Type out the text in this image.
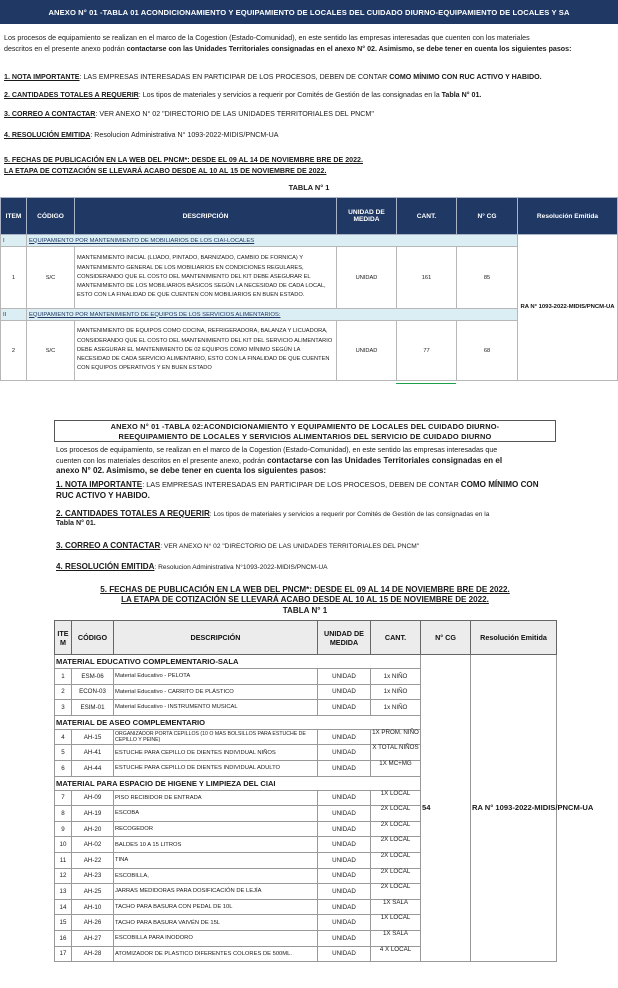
ANEXO N° 01 -TABLA 01 ACONDICIONAMIENTO Y EQUIPAMIENTO DE LOCALES DEL CUIDADO DIURNO-EQUIPAMIENTO DE LOCALES Y SA
Los procesos de equipamiento se realizan en el marco de la Cogestion (Estado-Comunidad), en este sentido las empresas interesadas que cuenten con los materiales
descritos en el presente anexo podrán contactarse con las Unidades Territoriales consignadas en el anexo N° 02. Asimismo, se debe tener en cuenta los siguientes pasos:
1. NOTA IMPORTANTE: LAS EMPRESAS INTERESADAS EN PARTICIPAR DE LOS PROCESOS, DEBEN DE CONTAR COMO MÍNIMO CON RUC ACTIVO Y HABIDO.
2. CANTIDADES TOTALES A REQUERIR: Los tipos de materiales y servicios a requerir por Comités de Gestión de las consignadas en la Tabla N° 01.
3. CORREO A CONTACTAR: VER ANEXO N° 02 "DIRECTORIO DE LAS UNIDADES TERRITORIALES DEL PNCM"
4. RESOLUCIÓN EMITIDA: Resolucion Administrativa N° 1093-2022-MIDIS/PNCM-UA
5. FECHAS DE PUBLICACIÓN EN LA WEB DEL PNCM*: DESDE EL 09 AL 14 DE NOVIEMBRE BRE DE 2022.
LA ETAPA DE COTIZACIÓN SE LLEVARÁ ACABO DESDE AL 10 AL 15 DE NOVIEMBRE DE 2022.
TABLA N° 1
ITEM	CÓDIGO	DESCRIPCIÓN	UNIDAD DE MEDIDA	CANT.	N° CG	Resolución Emitida
I	EQUIPAMIENTO POR MANTENIMIENTO DE MOBILIARIOS DE LOS CIAI-LOCALES					RA N° 1093-2022-MIDIS/PNCM-UA
1	S/C	MANTENIMIENTO INICIAL (LIJADO, PINTADO, BARNIZADO, CAMBIO DE FORNICA) Y MANTENIMIENTO GENERAL DE LOS MOBILIARIOS EN CONDICIONES REGULARES, CONSIDERANDO QUE EL COSTO DEL MANTENIMIENTO DEL KIT DEBE ASEGURAR EL MANTENIMIENTO DE LOS MOBILIARIOS BÁSICOS SEGÚN LA NECESIDAD DE CADA LOCAL, ESTO CON LA FINALIDAD DE QUE CUENTEN CON MOBILIARIOS EN BUEN ESTADO.	UNIDAD	161	85	
II	EQUIPAMIENTO POR MANTENIMIENTO DE EQUIPOS DE LOS SERVICIOS ALIMENTARIOS:					
2	S/C	MANTENIMIENTO DE EQUIPOS COMO COCINA, REFRIGERADORA, BALANZA Y LICUADORA, CONSIDERANDO QUE EL COSTO DEL MANTENIMIENTO DEL KIT DEL SERVICIO ALIMENTARIO DEBE ASEGURAR EL MANTENIMIENTO DE 02 EQUIPOS COMO MÍNIMO SEGÚN LA NECESIDAD DE CADA SERVICIO ALIMENTARIO, ESTO CON LA FINALIDAD DE QUE CUENTEN CON EQUIPOS OPERATIVOS Y EN BUEN ESTADO	UNIDAD	77	68	
ANEXO N° 01 -TABLA 02:ACONDICIONAMIENTO Y EQUIPAMIENTO DE LOCALES DEL CUIDADO DIURNO-
REEQUIPAMIENTO DE LOCALES Y SERVICIOS ALIMENTARIOS DEL SERVICIO DE CUIDADO DIURNO
Los procesos de equipamiento, se realizan en el marco de la Cogestion (Estado-Comunidad), en este sentido las empresas interesadas que
cuenten con los materiales descritos en el presente anexo, podrán contactarse con las Unidades Territoriales consignadas en el
anexo N° 02. Asimismo, se debe tener en cuenta los siguientes pasos:
1. NOTA IMPORTANTE: LAS EMPRESAS INTERESADAS EN PARTICIPAR DE LOS PROCESOS, DEBEN DE CONTAR COMO MÍNIMO CON
RUC ACTIVO Y HABIDO.
2. CANTIDADES TOTALES A REQUERIR: Los tipos de materiales y servicios a requerir por Comités de Gestión de las consignadas en la
Tabla N° 01.
3. CORREO A CONTACTAR: VER ANEXO N° 02 "DIRECTORIO DE LAS UNIDADES TERRITORIALES DEL PNCM"
4. RESOLUCIÓN EMITIDA: Resolucion Administrativa N°1093-2022-MIDIS/PNCM-UA
5. FECHAS DE PUBLICACIÓN EN LA WEB DEL PNCM*: DESDE EL 09 AL 14 DE NOVIEMBRE BRE DE 2022.
LA ETAPA DE COTIZACIÓN SE LLEVARÁ ACABO DESDE AL 10 AL 15 DE NOVIEMBRE DE 2022.
TABLA N° 1
ITE M	CÓDIGO	DESCRIPCIÓN	UNIDAD DE MEDIDA	CANT.	N° CG	Resolución Emitida
MATERIAL EDUCATIVO COMPLEMENTARIO-SALA					54	RA N° 1093-2022-MIDIS/PNCM-UA
1	ESM-06	Material Educativo - PELOTA	UNIDAD	1x NIÑO		
2	ECON-03	Material Educativo - CARRITO DE PLÁSTICO	UNIDAD	1x NIÑO		
3	ESIM-01	Material Educativo - INSTRUMENTO MUSICAL	UNIDAD	1x NIÑO		
MATERIAL DE ASEO COMPLEMENTARIO						
4	AH-15	ORGANIZADOR PORTA CEPILLOS (10 O MAS BOLSILLOS PARA ESTUCHE DE CEPILLO Y PEINE)	UNIDAD	1X PROM. NIÑO		
5	AH-41	ESTUCHE PARA CEPILLO DE DIENTES INDIVIDUAL NIÑOS	UNIDAD	X TOTAL NIÑOS		
6	AH-44	ESTUCHE PARA CEPILLO DE DIENTES INDIVIDUAL ADULTO	UNIDAD	1X MC+MG		
MATERIAL PARA ESPACIO DE HIGENE Y LIMPIEZA DEL CIAI						
7	AH-09	PISO RECIBIDOR DE ENTRADA	UNIDAD	1X LOCAL		
8	AH-19	ESCOBA	UNIDAD	2X LOCAL		
9	AH-20	RECOGEDOR	UNIDAD	2X LOCAL		
10	AH-02	BALDES 10 A 15 LITROS	UNIDAD	2X LOCAL		
11	AH-22	TINA	UNIDAD	2X LOCAL		
12	AH-23	ESCOBILLA,	UNIDAD	2X LOCAL		
13	AH-25	JARRAS MEDIDORAS PARA DOSIFICACIÓN DE LEJÍA	UNIDAD	2X LOCAL		
14	AH-10	TACHO PARA BASURA CON PEDAL DE 10L	UNIDAD	1X SALA		
15	AH-26	TACHO PARA BASURA VAIVÉN DE 15L	UNIDAD	1X LOCAL		
16	AH-27	ESCOBILLA PARA INODORO	UNIDAD	1X SALA		
17	AH-28	ATOMIZADOR DE PLASTICO DIFERENTES COLORES DE 500ML.	UNIDAD	4 X LOCAL		
